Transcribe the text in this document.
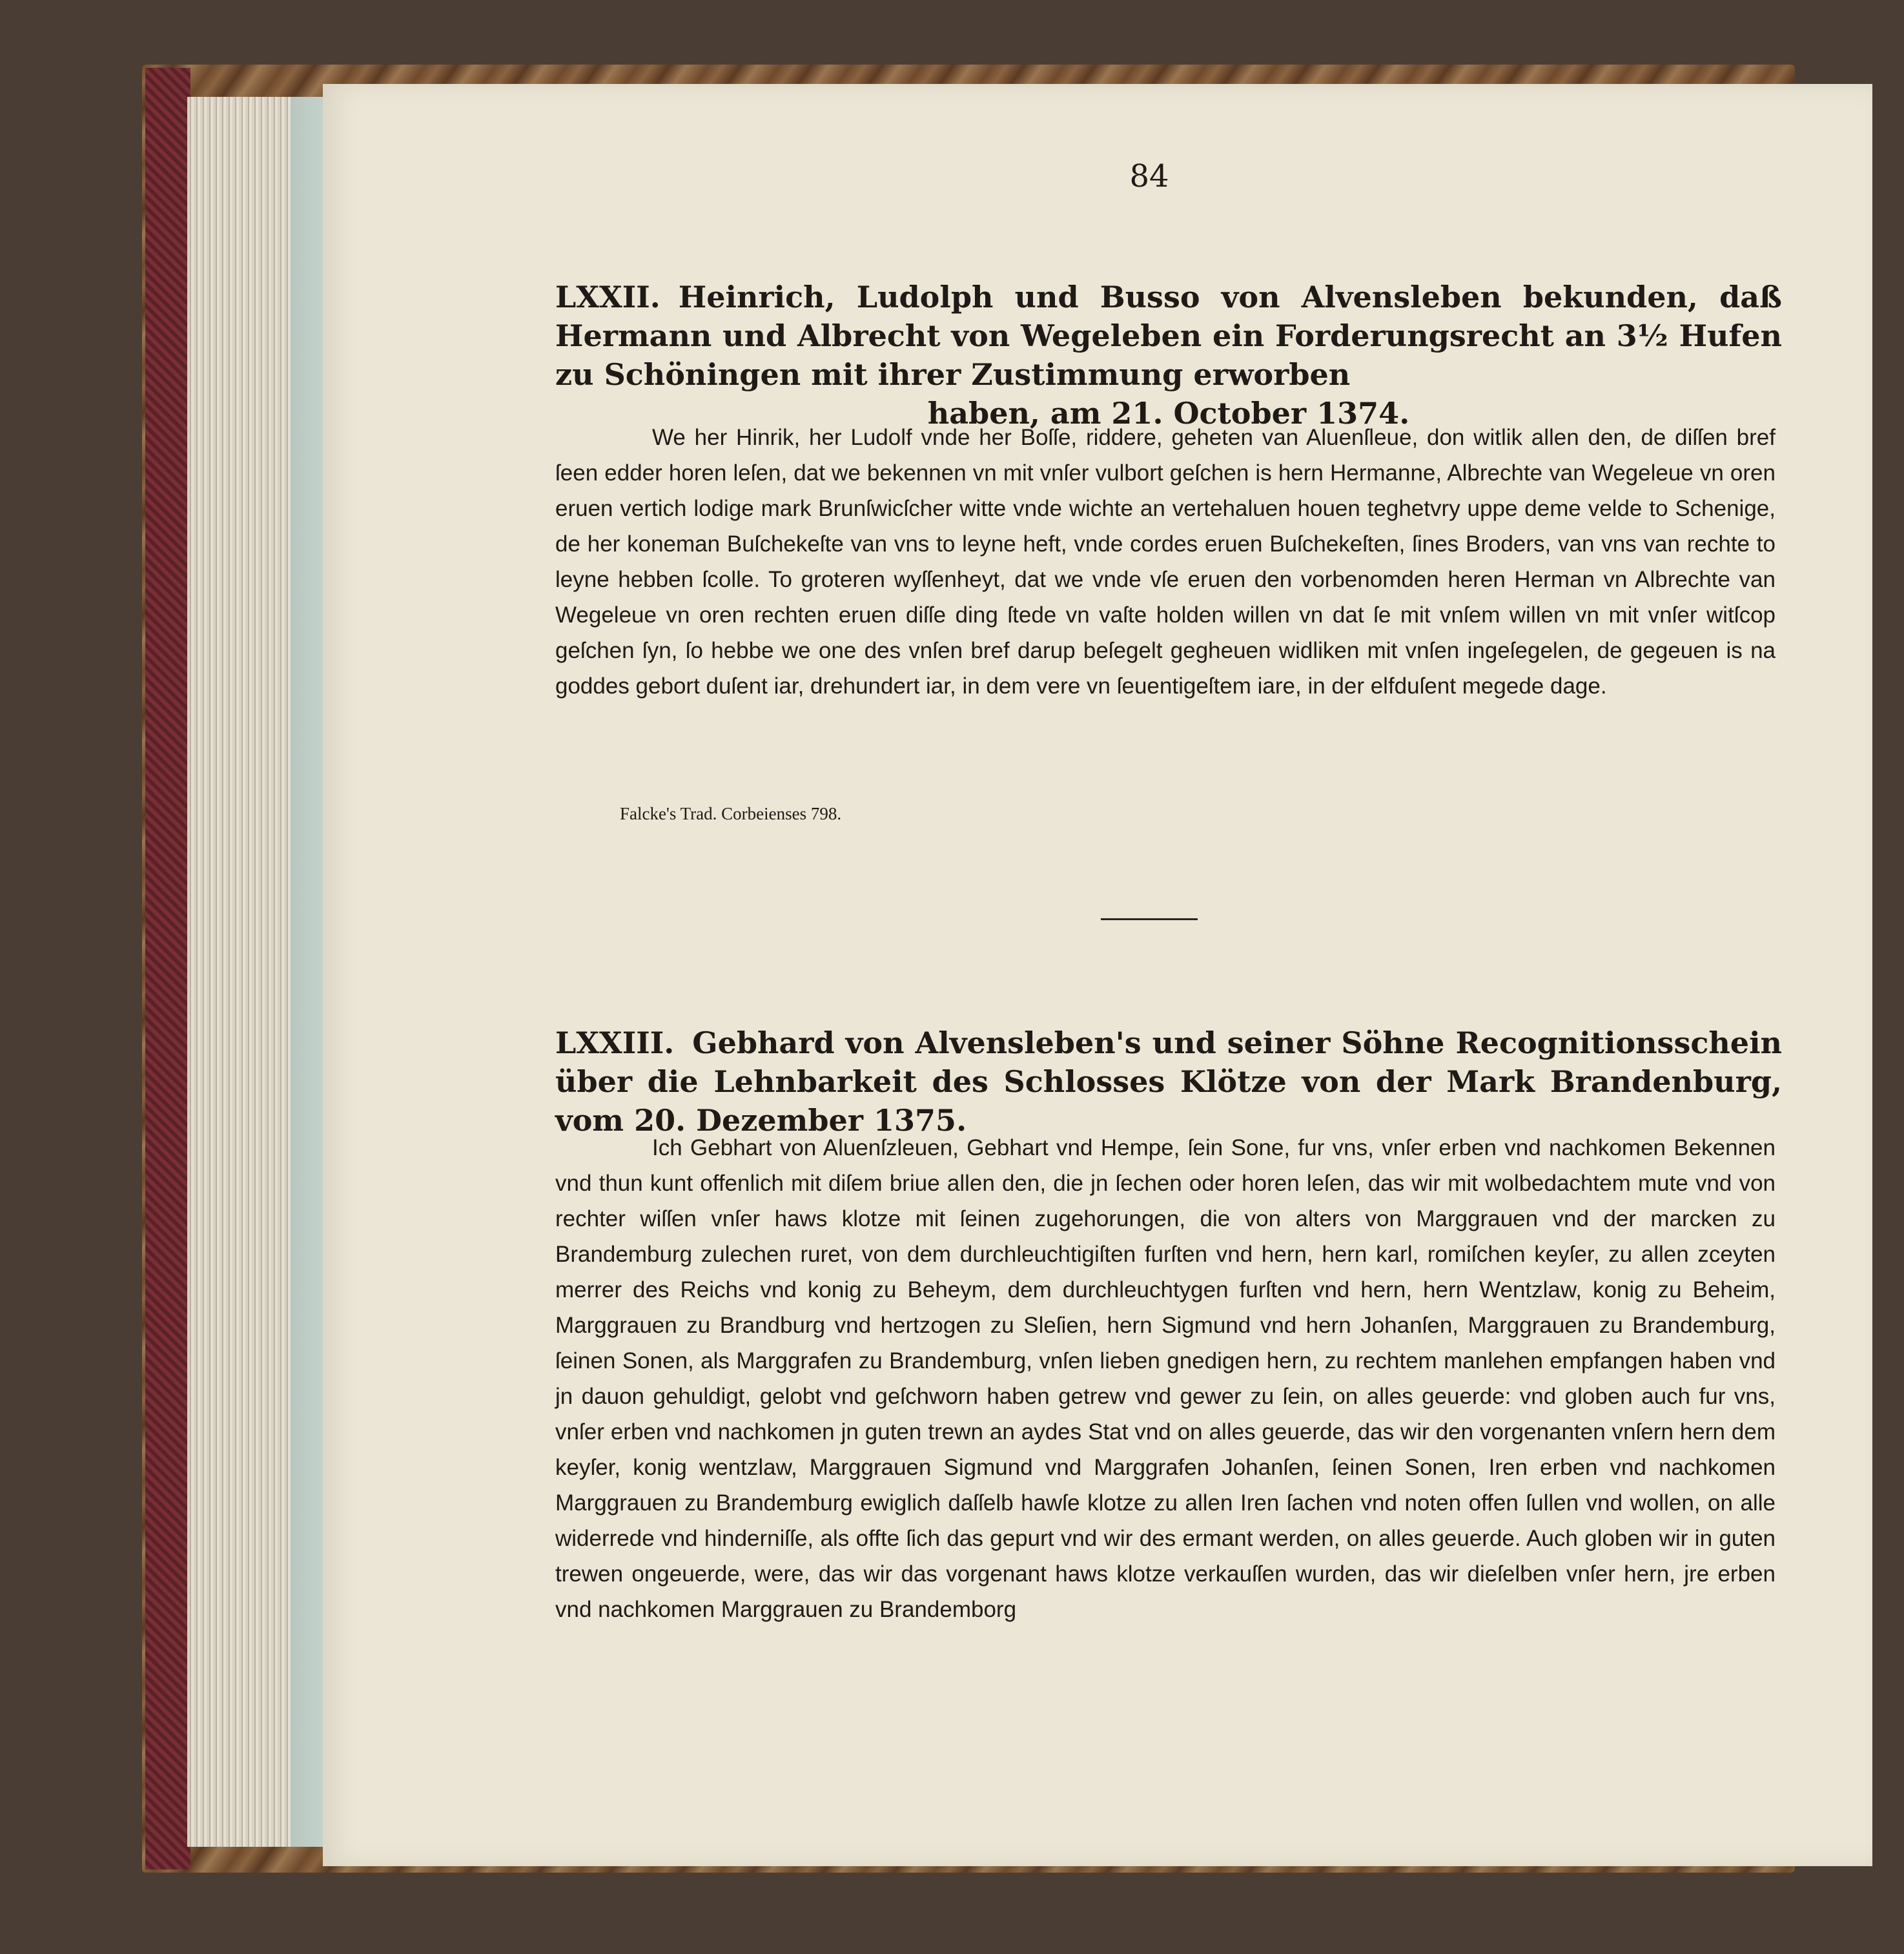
84
LXXII. Heinrich, Ludolph und Busso von Alvensleben bekunden, daß Hermann und Albrecht von Wegeleben ein Forderungsrecht an 3½ Hufen zu Schöningen mit ihrer Zustimmung erworben
haben, am 21. October 1374.

We her Hinrik, her Ludolf vnde her Boſſe, riddere, geheten van Aluenſleue, don witlik allen den, de diſſen bref ſeen edder horen leſen, dat we bekennen vn mit vnſer vulbort geſchen is hern Hermanne, Albrechte van Wegeleue vn oren eruen vertich lodige mark Brunſwicſcher witte vnde wichte an vertehaluen houen teghetvry uppe deme velde to Schenige, de her koneman Buſchekeſte van vns to leyne heft, vnde cordes eruen Buſchekeſten, ſines Broders, van vns van rechte to leyne hebben ſcolle. To groteren wyſſenheyt, dat we vnde vſe eruen den vorbenomden heren Herman vn Albrechte van Wegeleue vn oren rechten eruen diſſe ding ſtede vn vaſte holden willen vn dat ſe mit vnſem willen vn mit vnſer witſcop geſchen ſyn, ſo hebbe we one des vnſen bref darup beſegelt gegheuen widliken mit vnſen ingeſegelen, de gegeuen is na goddes gebort duſent iar, drehundert iar, in dem vere vn ſeuentigeſtem iare, in der elfduſent megede dage.

Falcke's Trad. Corbeienses 798.
LXXIII. Gebhard von Alvensleben's und seiner Söhne Recognitionsschein über die Lehnbarkeit des Schlosses Klötze von der Mark Brandenburg, vom 20. Dezember 1375.

Ich Gebhart von Aluenſzleuen, Gebhart vnd Hempe, ſein Sone, fur vns, vnſer erben vnd nachkomen Bekennen vnd thun kunt offenlich mit diſem briue allen den, die jn ſechen oder horen leſen, das wir mit wolbedachtem mute vnd von rechter wiſſen vnſer haws klotze mit ſeinen zugehorungen, die von alters von Marggrauen vnd der marcken zu Brandemburg zulechen ruret, von dem durchleuchtigiſten furſten vnd hern, hern karl, romiſchen keyſer, zu allen zceyten merrer des Reichs vnd konig zu Beheym, dem durchleuchtygen furſten vnd hern, hern Wentzlaw, konig zu Beheim, Marggrauen zu Brandburg vnd hertzogen zu Sleſien, hern Sigmund vnd hern Johanſen, Marggrauen zu Brandemburg, ſeinen Sonen, als Marggrafen zu Brandemburg, vnſen lieben gnedigen hern, zu rechtem manlehen empfangen haben vnd jn dauon gehuldigt, gelobt vnd geſchworn haben getrew vnd gewer zu ſein, on alles geuerde: vnd globen auch fur vns, vnſer erben vnd nachkomen jn guten trewn an aydes Stat vnd on alles geuerde, das wir den vorgenanten vnſern hern dem keyſer, konig wentzlaw, Marggrauen Sigmund vnd Marggrafen Johanſen, ſeinen Sonen, Iren erben vnd nachkomen Marggrauen zu Brandemburg ewiglich daſſelb hawſe klotze zu allen Iren ſachen vnd noten offen ſullen vnd wollen, on alle widerrede vnd hinderniſſe, als offte ſich das gepurt vnd wir des ermant werden, on alles geuerde. Auch globen wir in guten trewen ongeuerde, were, das wir das vorgenant haws klotze verkauſſen wurden, das wir dieſelben vnſer hern, jre erben vnd nachkomen Marggrauen zu Brandemborg
